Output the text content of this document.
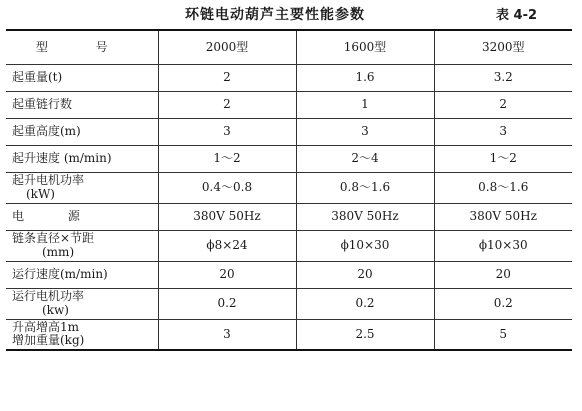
环链电动葫芦主要性能参数	表 4-2
型 号	2000型	1600型	3200型
起重量(t)	2	1.6	3.2
起重链行数	2	1	2
起重高度(m)	3	3	3
起升速度 (m/min)	1～2	2～4	1～2

起升电机功率
(kW)	0.4～0.8	0.8～1.6	0.8～1.6
电 源	380V 50Hz	380V 50Hz	380V 50Hz

链条直径×节距
(mm)	ϕ8×24	ϕ10×30	ϕ10×30
运行速度(m/min)	20	20	20

运行电机功率
(kw)	0.2	0.2	0.2

升高增高1m
增加重量(kg)	3	2.5	5
